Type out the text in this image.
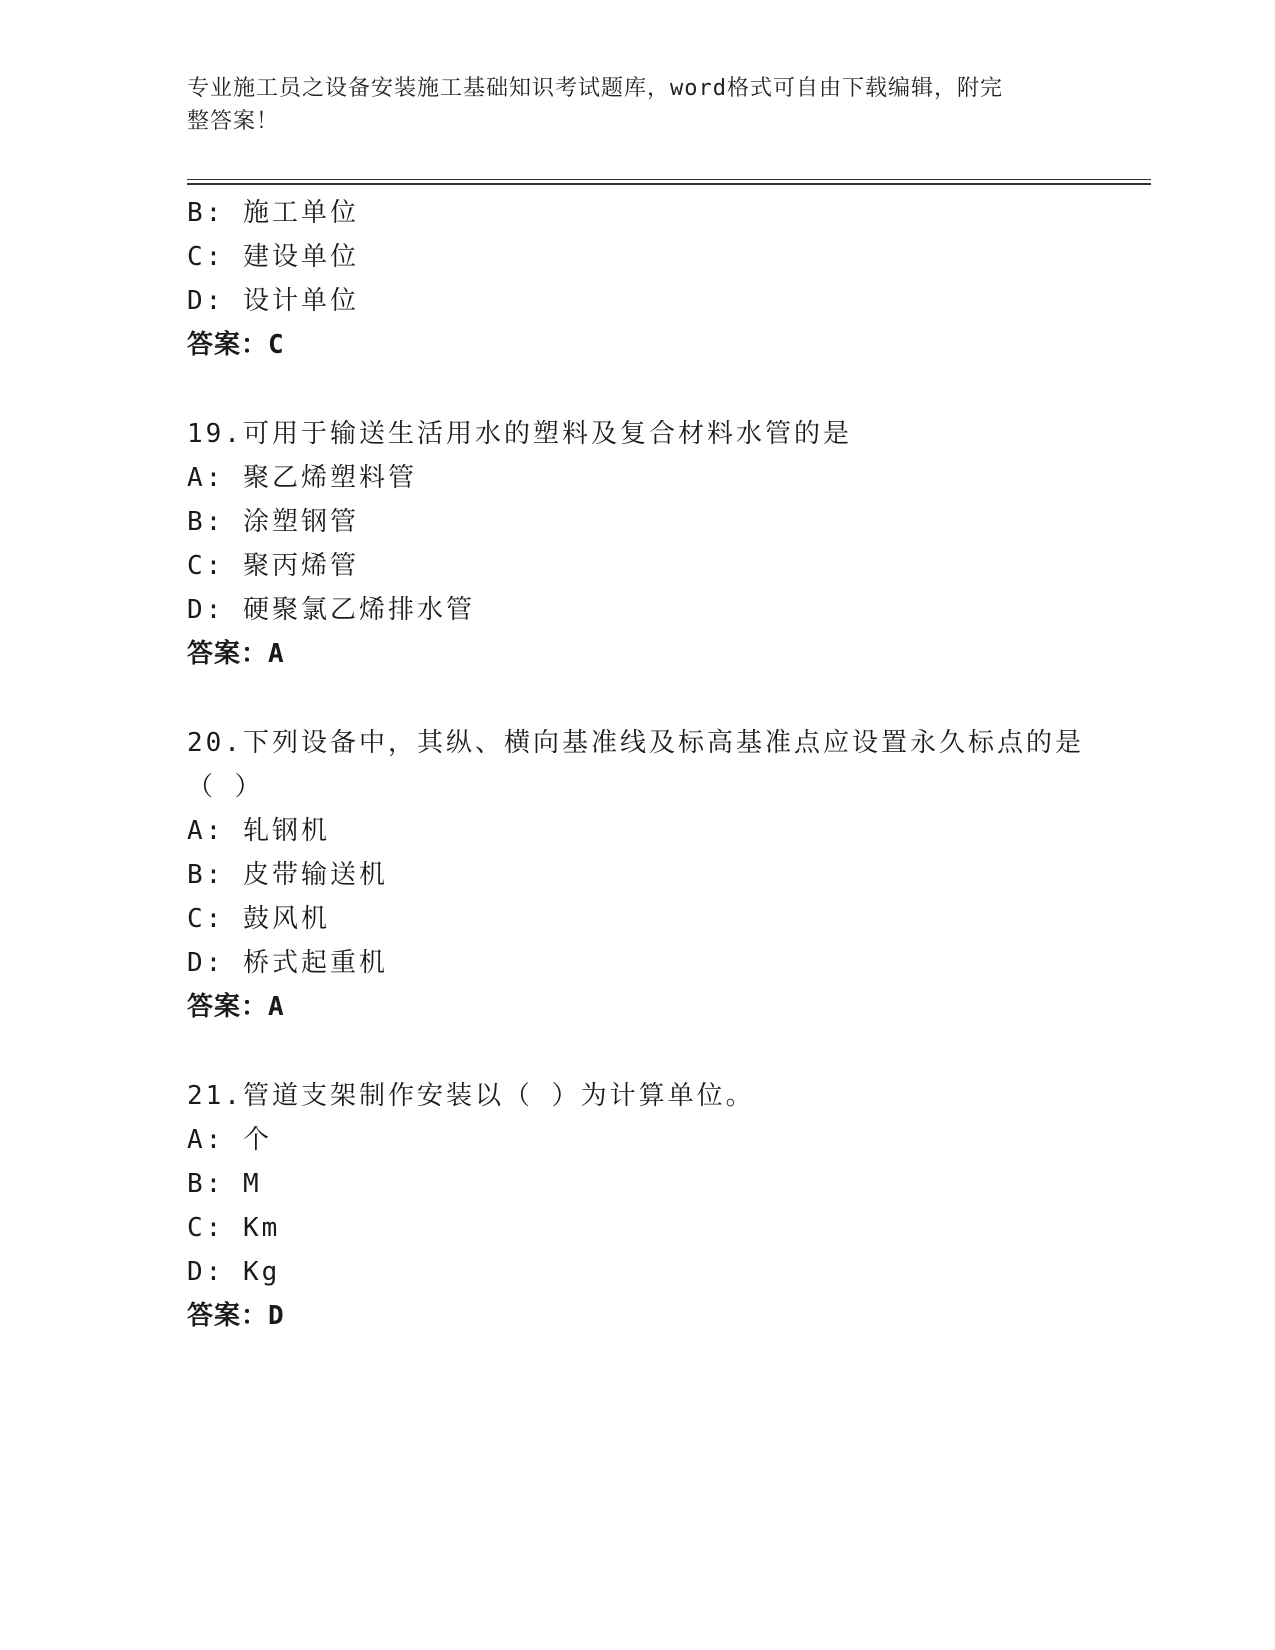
专业施工员之设备安装施工基础知识考试题库，word格式可自由下载编辑，附完
整答案！
B: 施工单位
C: 建设单位
D: 设计单位
答案：C
19.可用于输送生活用水的塑料及复合材料水管的是
A: 聚乙烯塑料管
B: 涂塑钢管
C: 聚丙烯管
D: 硬聚氯乙烯排水管
答案：A
20.下列设备中，其纵、横向基准线及标高基准点应设置永久标点的是
（ ）
A: 轧钢机
B: 皮带输送机
C: 鼓风机
D: 桥式起重机
答案：A
21.管道支架制作安装以（ ）为计算单位。
A: 个
B: M
C: Km
D: Kg
答案：D
